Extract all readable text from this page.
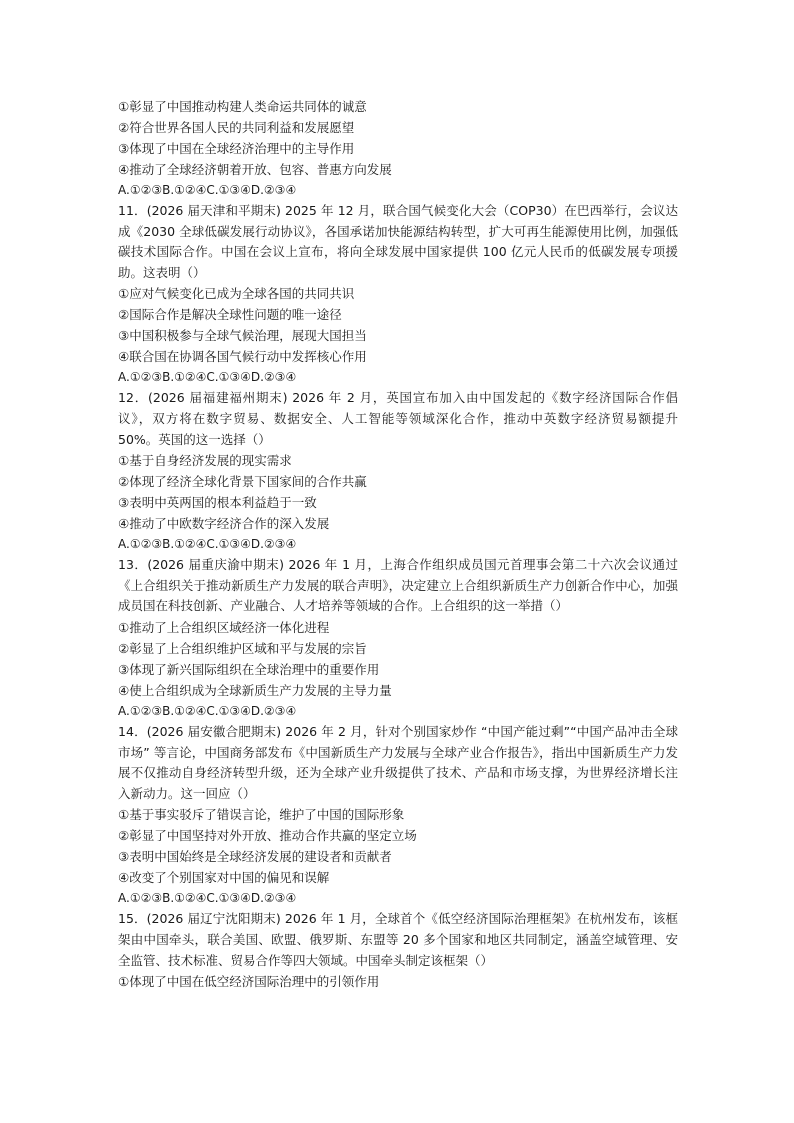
①彰显了中国推动构建人类命运共同体的诚意
②符合世界各国人民的共同利益和发展愿望
③体现了中国在全球经济治理中的主导作用
④推动了全球经济朝着开放、包容、普惠方向发展
A.①②③B.①②④C.①③④D.②③④
11．(2026 届天津和平期末) 2025 年 12 月，联合国气候变化大会（COP30）在巴西举行，会议达成《2030 全球低碳发展行动协议》，各国承诺加快能源结构转型，扩大可再生能源使用比例，加强低碳技术国际合作。中国在会议上宣布，将向全球发展中国家提供 100 亿元人民币的低碳发展专项援助。这表明（）
①应对气候变化已成为全球各国的共同共识
②国际合作是解决全球性问题的唯一途径
③中国积极参与全球气候治理，展现大国担当
④联合国在协调各国气候行动中发挥核心作用
A.①②③B.①②④C.①③④D.②③④
12．(2026 届福建福州期末) 2026 年 2 月，英国宣布加入由中国发起的《数字经济国际合作倡议》，双方将在数字贸易、数据安全、人工智能等领域深化合作，推动中英数字经济贸易额提升 50%。英国的这一选择（）
①基于自身经济发展的现实需求
②体现了经济全球化背景下国家间的合作共赢
③表明中英两国的根本利益趋于一致
④推动了中欧数字经济合作的深入发展
A.①②③B.①②④C.①③④D.②③④
13．(2026 届重庆渝中期末) 2026 年 1 月，上海合作组织成员国元首理事会第二十六次会议通过《上合组织关于推动新质生产力发展的联合声明》，决定建立上合组织新质生产力创新合作中心，加强成员国在科技创新、产业融合、人才培养等领域的合作。上合组织的这一举措（）
①推动了上合组织区域经济一体化进程
②彰显了上合组织维护区域和平与发展的宗旨
③体现了新兴国际组织在全球治理中的重要作用
④使上合组织成为全球新质生产力发展的主导力量
A.①②③B.①②④C.①③④D.②③④
14．(2026 届安徽合肥期末) 2026 年 2 月，针对个别国家炒作 “中国产能过剩”“中国产品冲击全球市场” 等言论，中国商务部发布《中国新质生产力发展与全球产业合作报告》，指出中国新质生产力发展不仅推动自身经济转型升级，还为全球产业升级提供了技术、产品和市场支撑，为世界经济增长注入新动力。这一回应（）
①基于事实驳斥了错误言论，维护了中国的国际形象
②彰显了中国坚持对外开放、推动合作共赢的坚定立场
③表明中国始终是全球经济发展的建设者和贡献者
④改变了个别国家对中国的偏见和误解
A.①②③B.①②④C.①③④D.②③④
15．(2026 届辽宁沈阳期末) 2026 年 1 月，全球首个《低空经济国际治理框架》在杭州发布，该框架由中国牵头，联合美国、欧盟、俄罗斯、东盟等 20 多个国家和地区共同制定，涵盖空域管理、安全监管、技术标准、贸易合作等四大领域。中国牵头制定该框架（）
①体现了中国在低空经济国际治理中的引领作用
